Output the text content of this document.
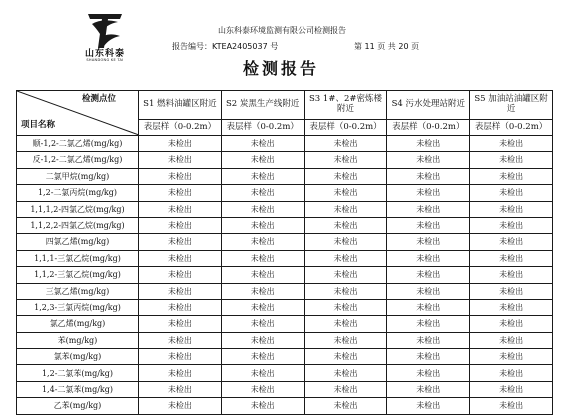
山东科泰
SHANDONG KE TAI
山东科泰环境监测有限公司检测报告
报告编号：KTEA2405037 号	第 11 页 共 20 页
检测报告
检测点位
项目名称	S1 燃料油罐区附近	S2 炭黑生产线附近	S3 1#、2#密炼楼附近	S4 污水处理站附近	S5 加油站油罐区附近
	表层样（0-0.2m）	表层样（0-0.2m）	表层样（0-0.2m）	表层样（0-0.2m）	表层样（0-0.2m）
顺-1,2-二氯乙烯(mg/kg)	未检出	未检出	未检出	未检出	未检出
反-1,2-二氯乙烯(mg/kg)	未检出	未检出	未检出	未检出	未检出
二氯甲烷(mg/kg)	未检出	未检出	未检出	未检出	未检出
1,2-二氯丙烷(mg/kg)	未检出	未检出	未检出	未检出	未检出
1,1,1,2-四氯乙烷(mg/kg)	未检出	未检出	未检出	未检出	未检出
1,1,2,2-四氯乙烷(mg/kg)	未检出	未检出	未检出	未检出	未检出
四氯乙烯(mg/kg)	未检出	未检出	未检出	未检出	未检出
1,1,1-三氯乙烷(mg/kg)	未检出	未检出	未检出	未检出	未检出
1,1,2-三氯乙烷(mg/kg)	未检出	未检出	未检出	未检出	未检出
三氯乙烯(mg/kg)	未检出	未检出	未检出	未检出	未检出
1,2,3-三氯丙烷(mg/kg)	未检出	未检出	未检出	未检出	未检出
氯乙烯(mg/kg)	未检出	未检出	未检出	未检出	未检出
苯(mg/kg)	未检出	未检出	未检出	未检出	未检出
氯苯(mg/kg)	未检出	未检出	未检出	未检出	未检出
1,2-二氯苯(mg/kg)	未检出	未检出	未检出	未检出	未检出
1,4-二氯苯(mg/kg)	未检出	未检出	未检出	未检出	未检出
乙苯(mg/kg)	未检出	未检出	未检出	未检出	未检出
